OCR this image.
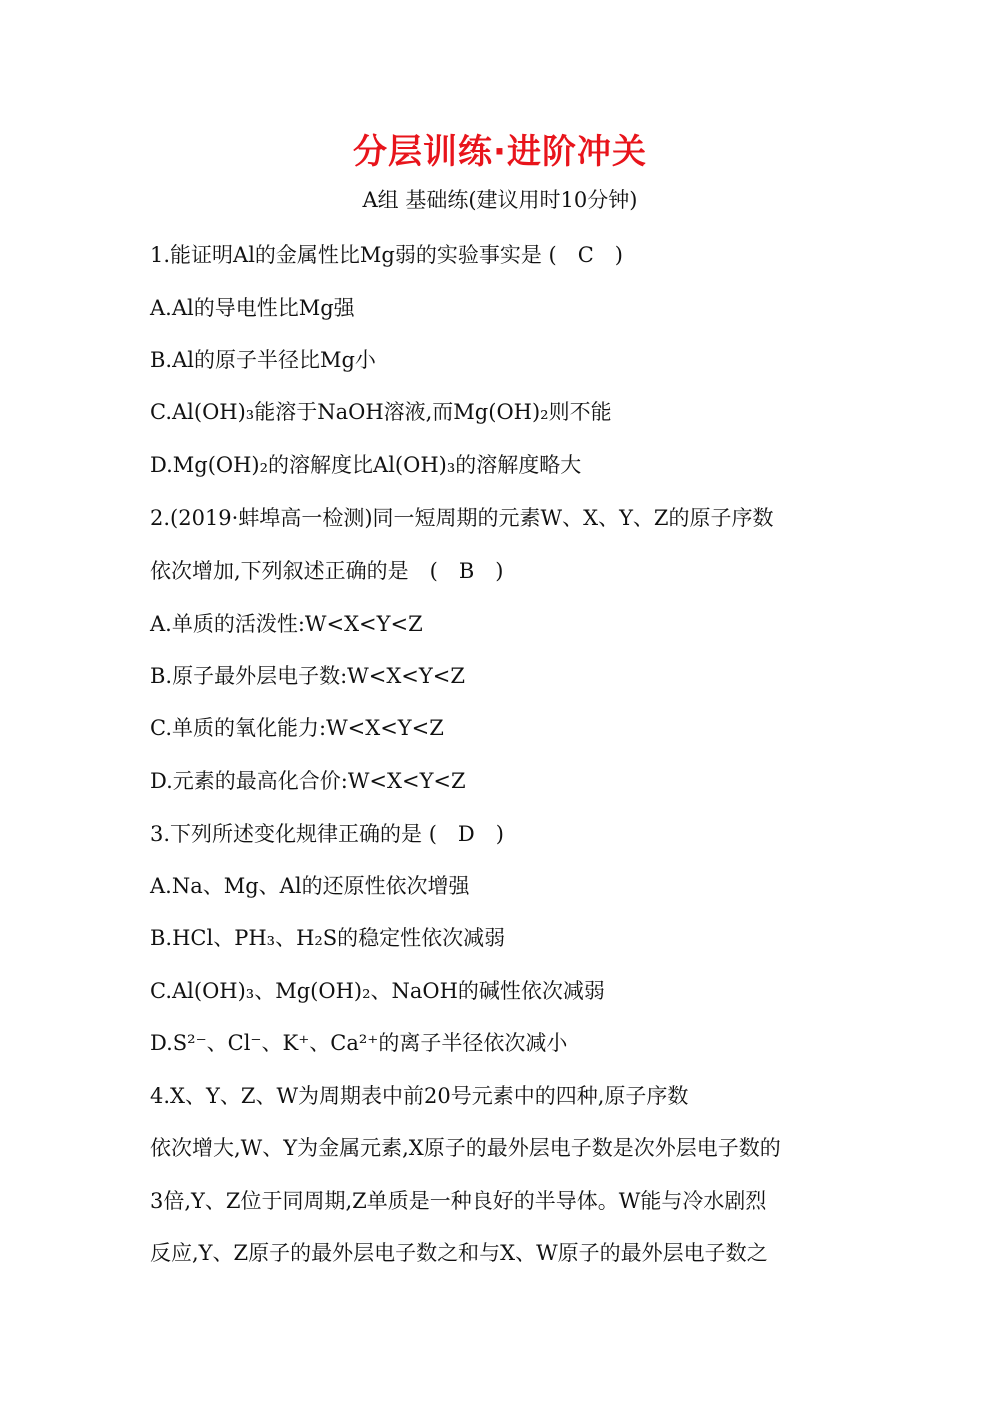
分层训练·进阶冲关
A组 基础练(建议用时10分钟)
1.能证明Al的金属性比Mg弱的实验事实是 (　C　)
A.Al的导电性比Mg强
B.Al的原子半径比Mg小
C.Al(OH)₃能溶于NaOH溶液,而Mg(OH)₂则不能
D.Mg(OH)₂的溶解度比Al(OH)₃的溶解度略大
2.(2019·蚌埠高一检测)同一短周期的元素W、X、Y、Z的原子序数
依次增加,下列叙述正确的是　(　B　)
A.单质的活泼性:W<X<Y<Z
B.原子最外层电子数:W<X<Y<Z
C.单质的氧化能力:W<X<Y<Z
D.元素的最高化合价:W<X<Y<Z
3.下列所述变化规律正确的是 (　D　)
A.Na、Mg、Al的还原性依次增强
B.HCl、PH₃、H₂S的稳定性依次减弱
C.Al(OH)₃、Mg(OH)₂、NaOH的碱性依次减弱
D.S²⁻、Cl⁻、K⁺、Ca²⁺的离子半径依次减小
4.X、Y、Z、W为周期表中前20号元素中的四种,原子序数
依次增大,W、Y为金属元素,X原子的最外层电子数是次外层电子数的
3倍,Y、Z位于同周期,Z单质是一种良好的半导体。W能与冷水剧烈
反应,Y、Z原子的最外层电子数之和与X、W原子的最外层电子数之
